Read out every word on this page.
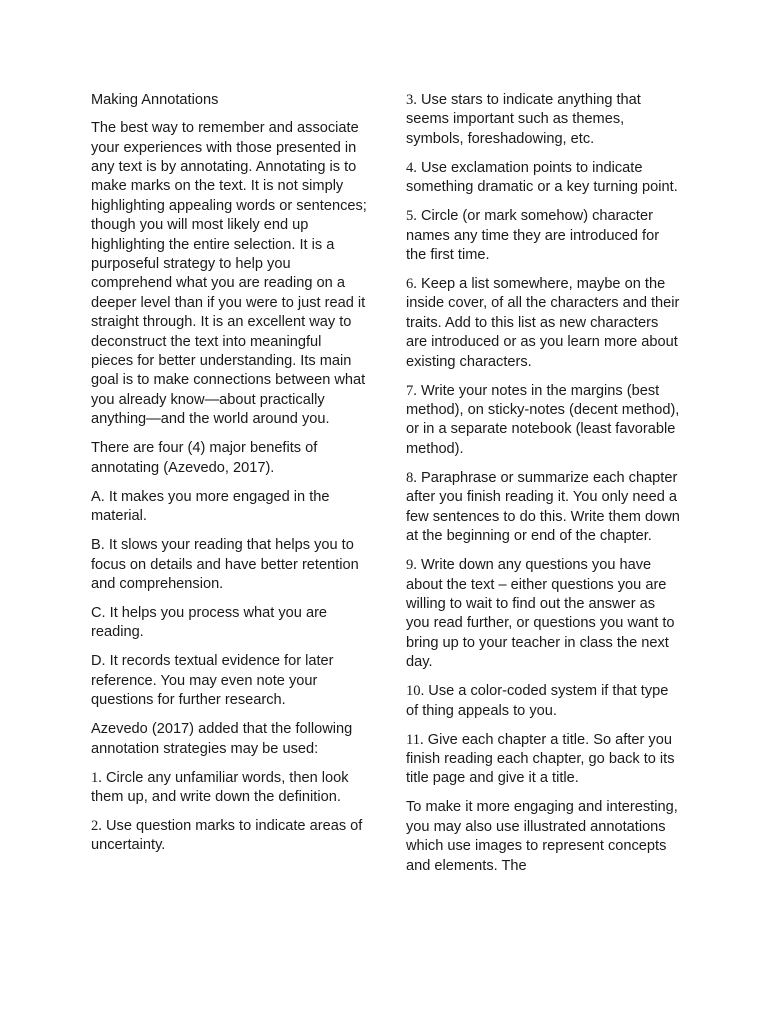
Making Annotations

The best way to remember and associate your experiences with those presented in any text is by annotating. Annotating is to make marks on the text. It is not simply highlighting appealing words or sentences; though you will most likely end up highlighting the entire selection. It is a purposeful strategy to help you comprehend what you are reading on a deeper level than if you were to just read it straight through. It is an excellent way to deconstruct the text into meaningful pieces for better understanding. Its main goal is to make connections between what you already know—about practically anything—and the world around you.

There are four (4) major benefits of annotating (Azevedo, 2017).

A. It makes you more engaged in the material.

B. It slows your reading that helps you to focus on details and have better retention and comprehension.

C. It helps you process what you are reading.

D. It records textual evidence for later reference. You may even note your questions for further research.

Azevedo (2017) added that the following annotation strategies may be used:

1. Circle any unfamiliar words, then look them up, and write down the definition.

2. Use question marks to indicate areas of uncertainty.

3. Use stars to indicate anything that seems important such as themes, symbols, foreshadowing, etc.

4. Use exclamation points to indicate something dramatic or a key turning point.

5. Circle (or mark somehow) character names any time they are introduced for the first time.

6. Keep a list somewhere, maybe on the inside cover, of all the characters and their traits. Add to this list as new characters are introduced or as you learn more about existing characters.

7. Write your notes in the margins (best method), on sticky-notes (decent method), or in a separate notebook (least favorable method).

8. Paraphrase or summarize each chapter after you finish reading it. You only need a few sentences to do this. Write them down at the beginning or end of the chapter.

9. Write down any questions you have about the text – either questions you are willing to wait to find out the answer as you read further, or questions you want to bring up to your teacher in class the next day.

10. Use a color-coded system if that type of thing appeals to you.

11. Give each chapter a title. So after you finish reading each chapter, go back to its title page and give it a title.

To make it more engaging and interesting, you may also use illustrated annotations which use images to represent concepts and elements. The
